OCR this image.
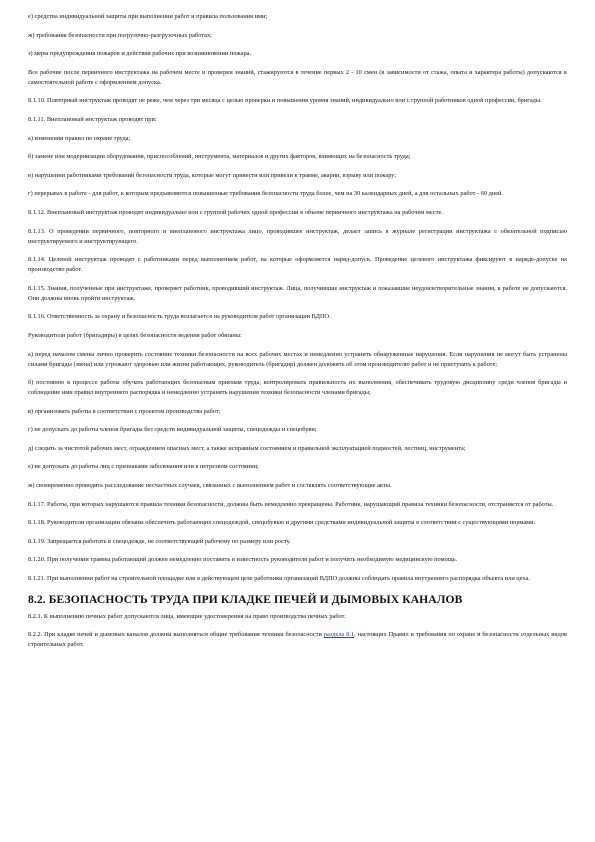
е) средства индивидуальной защиты при выполнении работ и правила пользования ими;

ж) требования безопасности при погрузочно-разгрузочных работах;

з) меры предупреждения пожаров и действия рабочих при возникновении пожара.

Все рабочие после первичного инструктажа на рабочем месте и проверки знаний, стажируются в течение первых 2 - 10 смен (в зависимости от стажа, опыта и характера работы) допускаются к самостоятельной работе с оформлением допуска.

8.1.10. Повторный инструктаж проводят не реже, чем через три месяца с целью проверки и повышения уровня знаний, индивидуально или с группой работников одной профессии, бригады.

8.1.11. Внеплановый инструктаж проводят при:

а) изменении правил по охране труда;

б) замене или модернизации оборудования, приспособлений, инструмента, материалов и других факторов, влияющих на безопасность труда;

в) нарушении работниками требований безопасности труда, которые могут привести или привели к травме, аварии, взрыву или пожару;

г) перерывах в работе - для работ, к которым предъявляются повышенные требования безопасности труда более, чем на 30 календарных дней, а для остальных работ - 60 дней.

8.1.12. Внеплановый инструктаж проводят индивидуально или с группой рабочих одной профессии в объеме первичного инструктажа на рабочем месте.

8.1.13. О проведении первичного, повторного и внепланового инструктажа лицо, проводившее инструктаж, делает запись в журнале регистрации инструктажа с обязательной подписью инструктируемого и инструктирующего.

8.1.14. Целевой инструктаж проводят с работниками перед выполнением работ, на которые оформляется наряд-допуск. Проведение целевого инструктажа фиксируют в наряде-допуске на производство работ.

8.1.15. Знания, полученные при инструктаже, проверяет работник, проводивший инструктаж. Лица, получившие инструктаж и показавшие неудовлетворительные знания, к работе не допускаются. Они должны вновь пройти инструктаж.

8.1.16. Ответственность за охрану и безопасность труда возлагается на руководителя работ организации ВДПО.

Руководители работ (бригадиры) в целях безопасности ведения работ обязаны:

а) перед началом смены лично проверить состояние техники безопасности на всех рабочих местах и немедленно устранить обнаруженные нарушения. Если нарушения не могут быть устранены силами бригады (звена) или угрожают здоровью или жизни работающих, руководитель (бригадир) должен доложить об этом производителю работ и не приступать к работе;

б) постоянно в процессе работы обучать работающих безопасным приемам труда, контролировать правильность их выполнения, обеспечивать трудовую дисциплину среди членов бригады и соблюдение ими правил внутреннего распорядка и немедленно устранять нарушения техники безопасности членами бригады;

в) организовать работы в соответствии с проектом производства работ;

г) не допускать до работы членов бригады без средств индивидуальной защиты, спецодежды и спецобуви;

д) следить за чистотой рабочих мест, ограждением опасных мест, а также исправным состоянием и правильной эксплуатацией подмостей, лестниц, инструмента;

е) не допускать до работы лиц с признаками заболевания или в нетрезвом состоянии;

ж) своевременно проводить расследование несчастных случаев, связанных с выполнением работ и составлять соответствующие акты.

8.1.17. Работы, при которых нарушаются правила техники безопасности, должны быть немедленно прекращены. Работник, нарушающий правила техники безопасности, отстраняется от работы.

8.1.18. Руководители организации обязаны обеспечить работающих спецодеждой, спецобувью и другими средствами индивидуальной защиты в соответствии с существующими нормами.

8.1.19. Запрещается работать в спецодежде, не соответствующей рабочему по размеру или росту.

8.1.20. При получении травмы работающий должен немедленно поставить в известность руководителя работ и получить необходимую медицинскую помощь.

8.1.21. При выполнении работ на строительной площадке или в действующем цехе работники организаций ВДПО должны соблюдать правила внутреннего распорядка объекта или цеха.

8.2. БЕЗОПАСНОСТЬ ТРУДА ПРИ КЛАДКЕ ПЕЧЕЙ И ДЫМОВЫХ КАНАЛОВ

8.2.1. К выполнению печных работ допускаются лица, имеющие удостоверения на право производства печных работ.

8.2.2. При кладке печей и дымовых каналов должны выполняться общие требования техники безопасности раздела 8.1, настоящих Правил и требования по охране и безопасности отдельных видов строительных работ.
